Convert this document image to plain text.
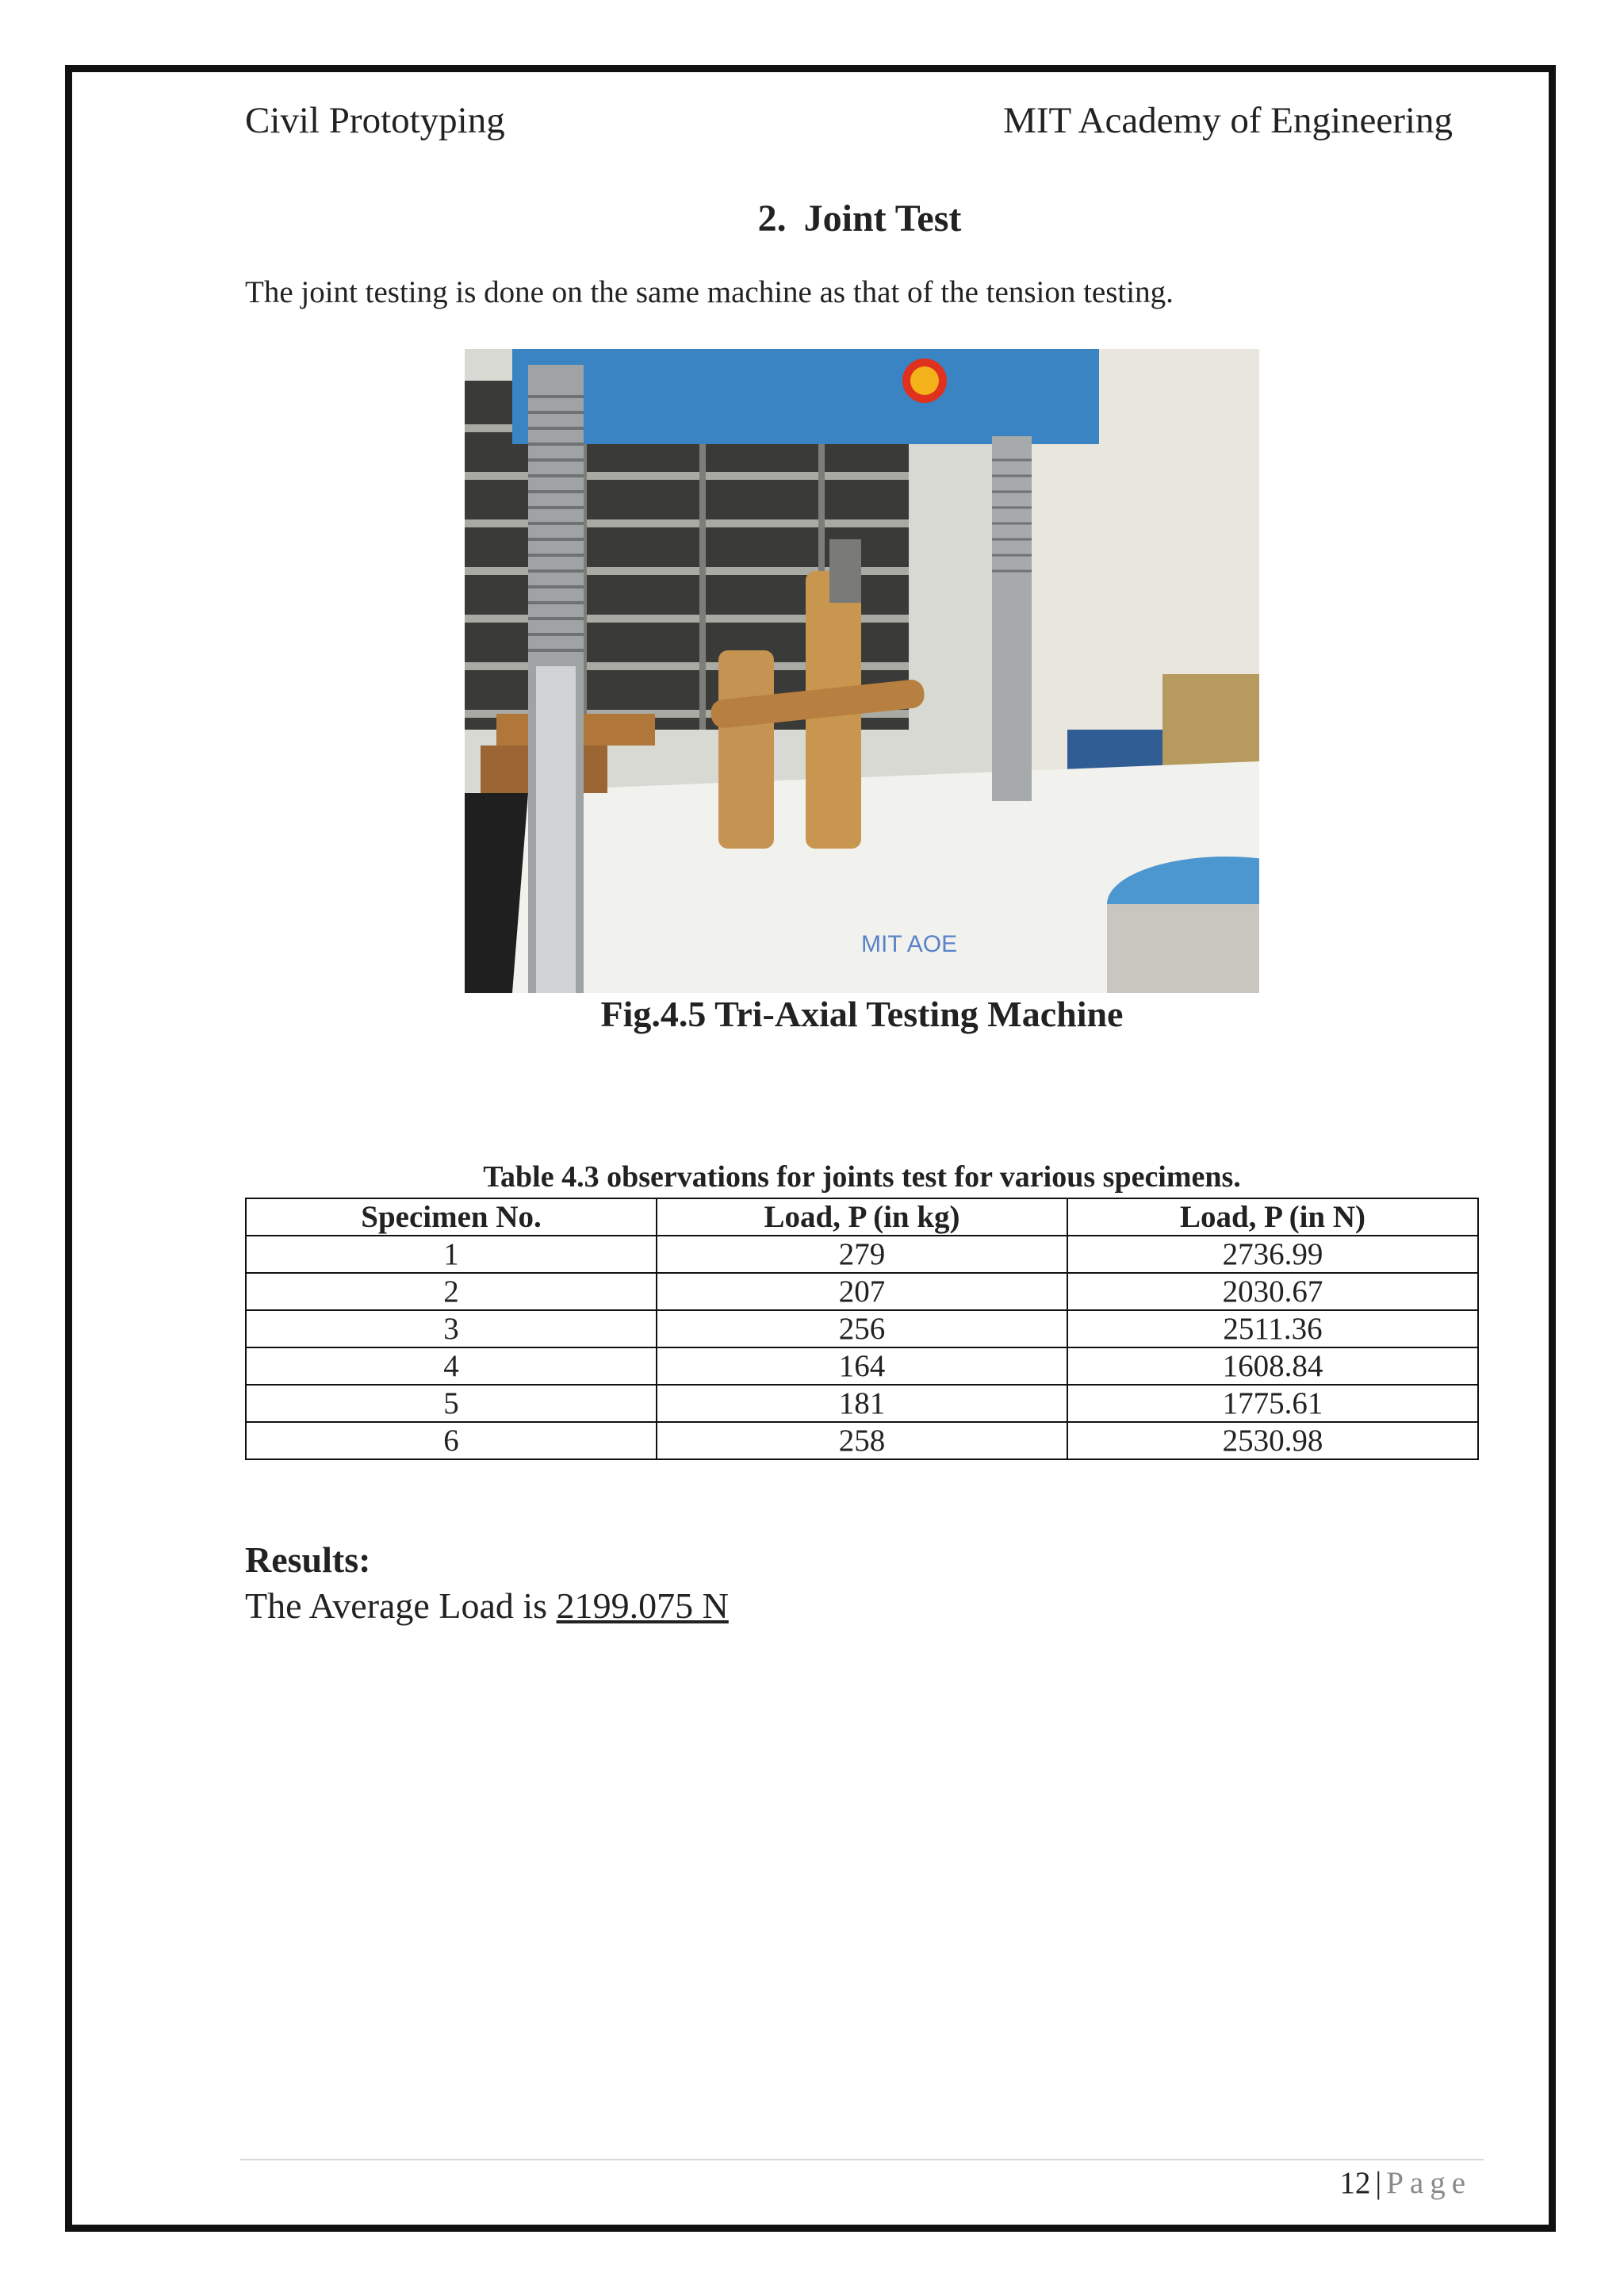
Civil Prototyping	MIT Academy of Engineering
2. Joint Test
The joint testing is done on the same machine as that of the tension testing.
MIT AOE
Fig.4.5 Tri-Axial Testing Machine
Table 4.3 observations for joints test for various specimens.
Specimen No.	Load, P (in kg)	Load, P (in N)
1	279	2736.99
2	207	2030.67
3	256	2511.36
4	164	1608.84
5	181	1775.61
6	258	2530.98
Results:
The Average Load is 2199.075 N
12 | Page
